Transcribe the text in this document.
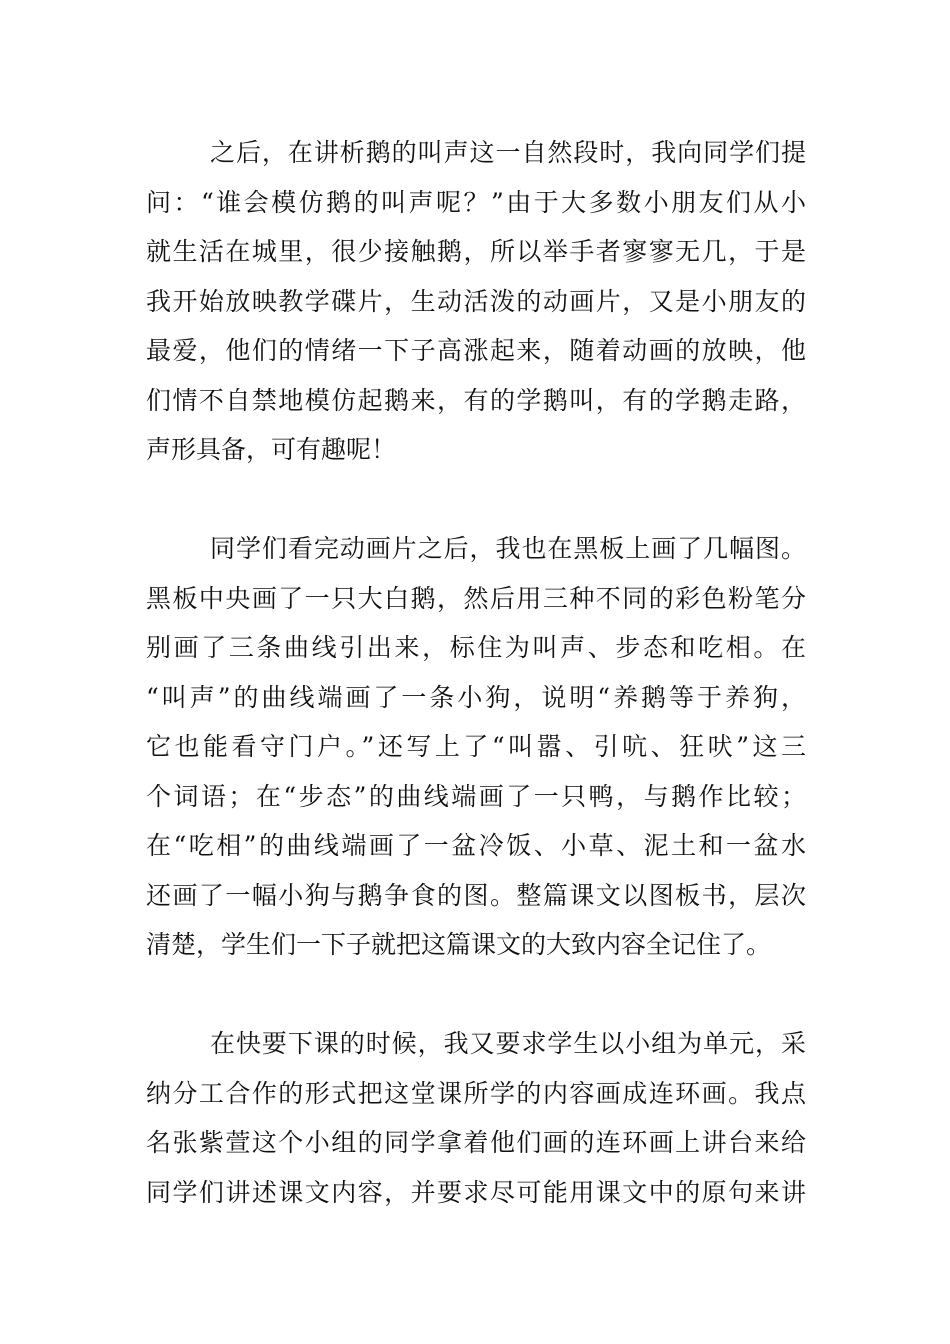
之后，在讲析鹅的叫声这一自然段时，我向同学们提
问：“谁会模仿鹅的叫声呢？”由于大多数小朋友们从小
就生活在城里，很少接触鹅，所以举手者寥寥无几，于是
我开始放映教学碟片，生动活泼的动画片，又是小朋友的
最爱，他们的情绪一下子高涨起来，随着动画的放映，他
们情不自禁地模仿起鹅来，有的学鹅叫，有的学鹅走路，
声形具备，可有趣呢！
同学们看完动画片之后，我也在黑板上画了几幅图。
黑板中央画了一只大白鹅，然后用三种不同的彩色粉笔分
别画了三条曲线引出来，标住为叫声、步态和吃相。在
“叫声”的曲线端画了一条小狗，说明“养鹅等于养狗，
它也能看守门户。”还写上了“叫嚣、引吭、狂吠”这三
个词语；在“步态”的曲线端画了一只鸭，与鹅作比较；
在“吃相”的曲线端画了一盆冷饭、小草、泥土和一盆水
还画了一幅小狗与鹅争食的图。整篇课文以图板书，层次
清楚，学生们一下子就把这篇课文的大致内容全记住了。
在快要下课的时候，我又要求学生以小组为单元，采
纳分工合作的形式把这堂课所学的内容画成连环画。我点
名张紫萱这个小组的同学拿着他们画的连环画上讲台来给
同学们讲述课文内容，并要求尽可能用课文中的原句来讲
